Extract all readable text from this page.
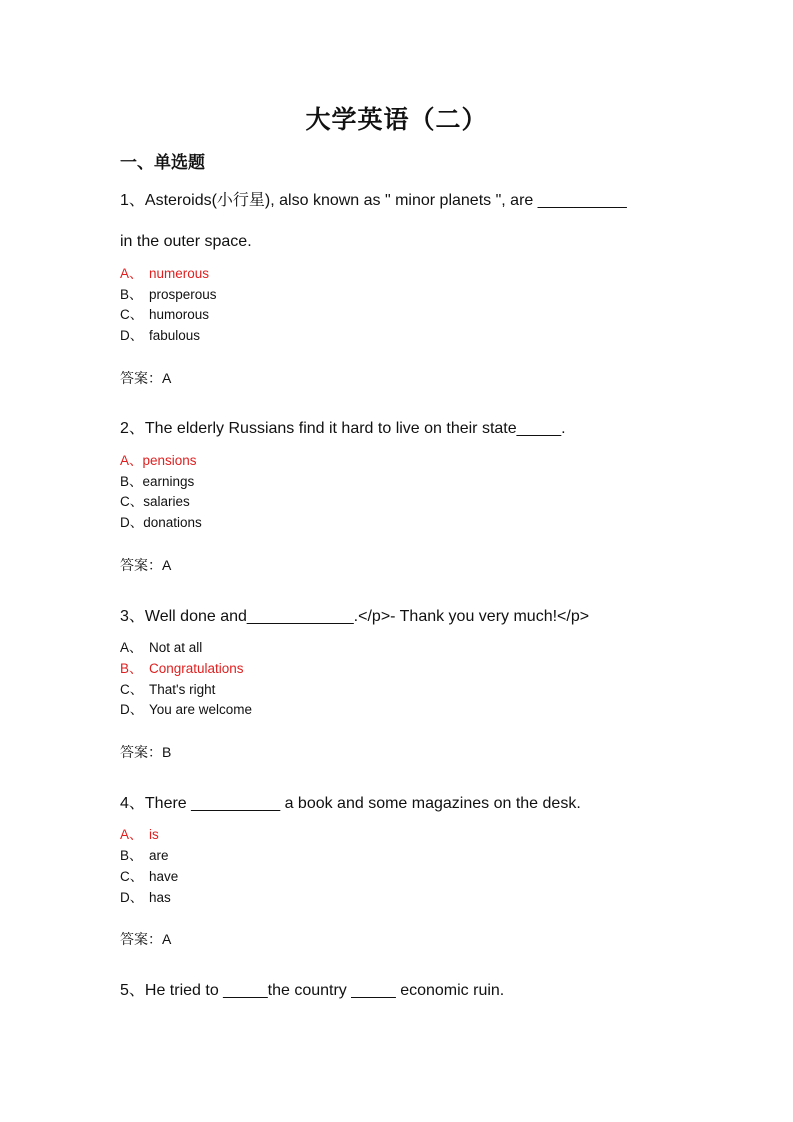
大学英语（二）
一、单选题
1、Asteroids(小行星), also known as " minor planets ", are __________
in the outer space.
A、 numerous
B、 prosperous
C、 humorous
D、 fabulous
答案：A
2、The elderly Russians find it hard to live on their state_____.
A、pensions
B、earnings
C、salaries
D、donations
答案：A
3、Well done and____________.</p>- Thank you very much!</p>
A、 Not at all
B、 Congratulations
C、 That's right
D、 You are welcome
答案：B
4、There __________ a book and some magazines on the desk.
A、 is
B、 are
C、 have
D、 has
答案：A
5、He tried to _____the country _____ economic ruin.
